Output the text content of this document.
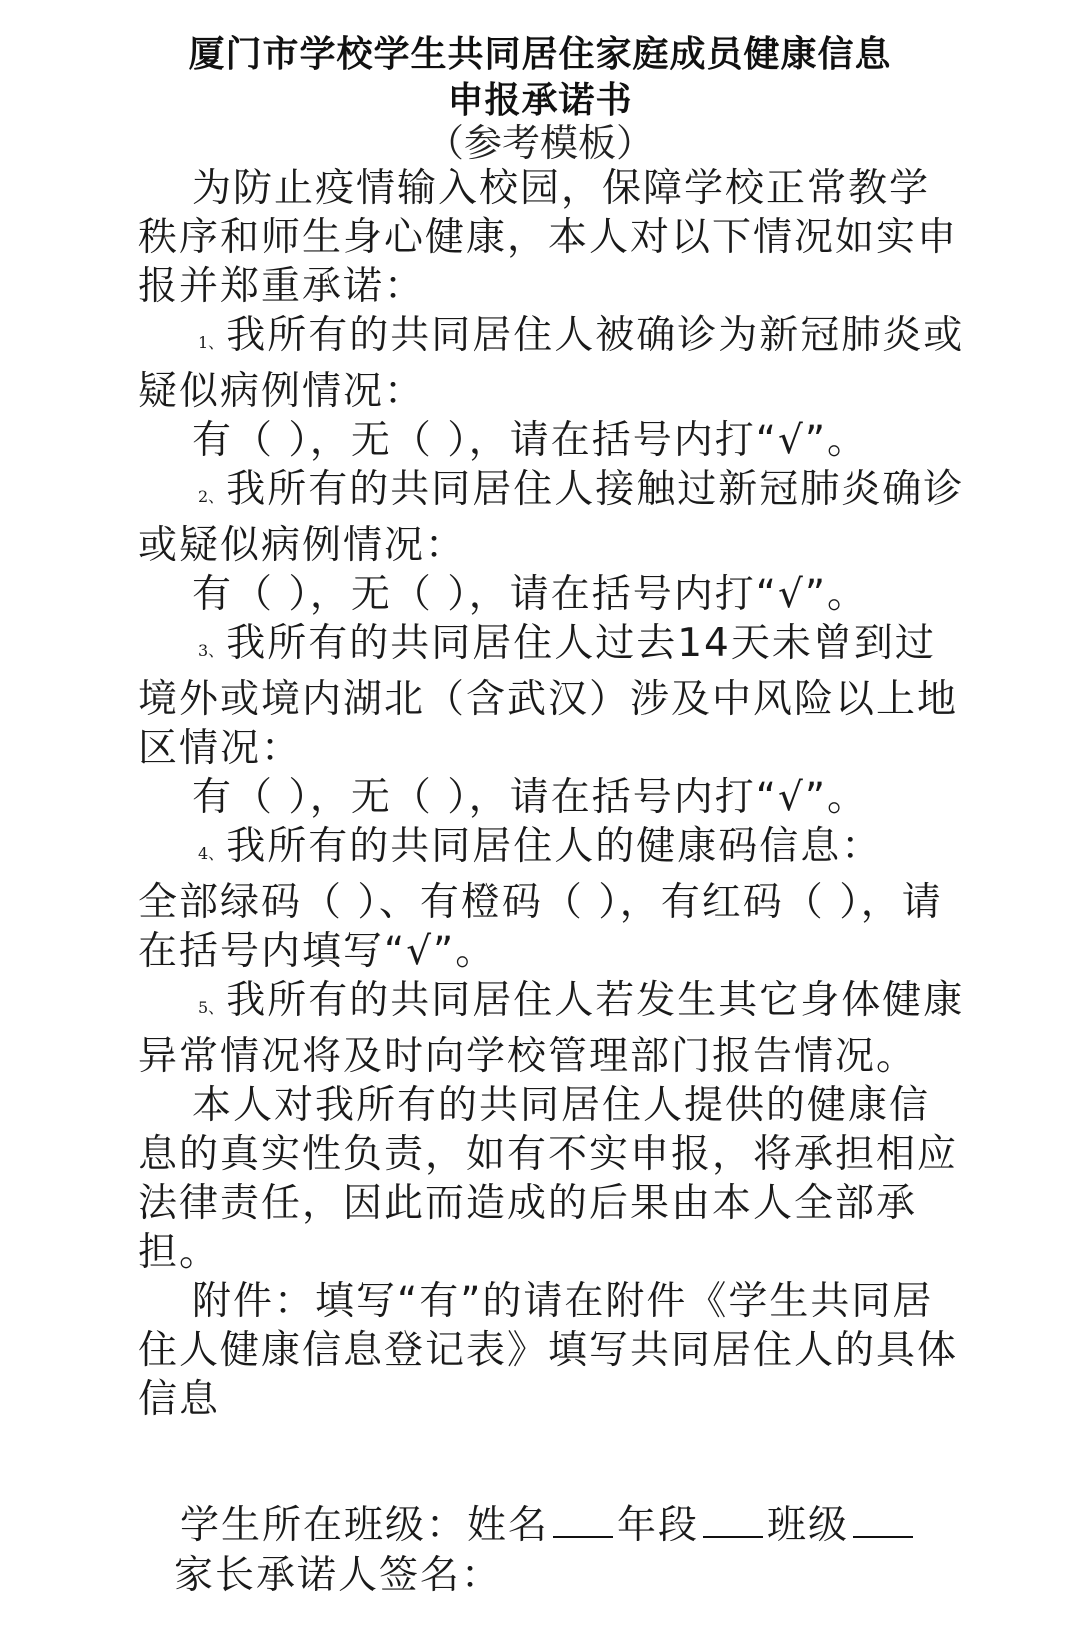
厦门市学校学生共同居住家庭成员健康信息
申报承诺书
（参考模板）

为防止疫情输入校园，保障学校正常教学秩序和师生身心健康，本人对以下情况如实申报并郑重承诺：

1、我所有的共同居住人被确诊为新冠肺炎或疑似病例情况：

有（ ），无（ ），请在括号内打“√”。

2、我所有的共同居住人接触过新冠肺炎确诊或疑似病例情况：

有（ ），无（ ），请在括号内打“√”。

3、我所有的共同居住人过去14天未曾到过境外或境内湖北（含武汉）涉及中风险以上地区情况：

有（ ），无（ ），请在括号内打“√”。

4、我所有的共同居住人的健康码信息：

全部绿码（ ）、有橙码（ ），有红码（ ），请在括号内填写“√”。

5、我所有的共同居住人若发生其它身体健康异常情况将及时向学校管理部门报告情况。

本人对我所有的共同居住人提供的健康信息的真实性负责，如有不实申报，将承担相应法律责任，因此而造成的后果由本人全部承担。

附件：填写“有”的请在附件《学生共同居住人健康信息登记表》填写共同居住人的具体信息

学生所在班级：姓名 年段 班级
家长承诺人签名：
